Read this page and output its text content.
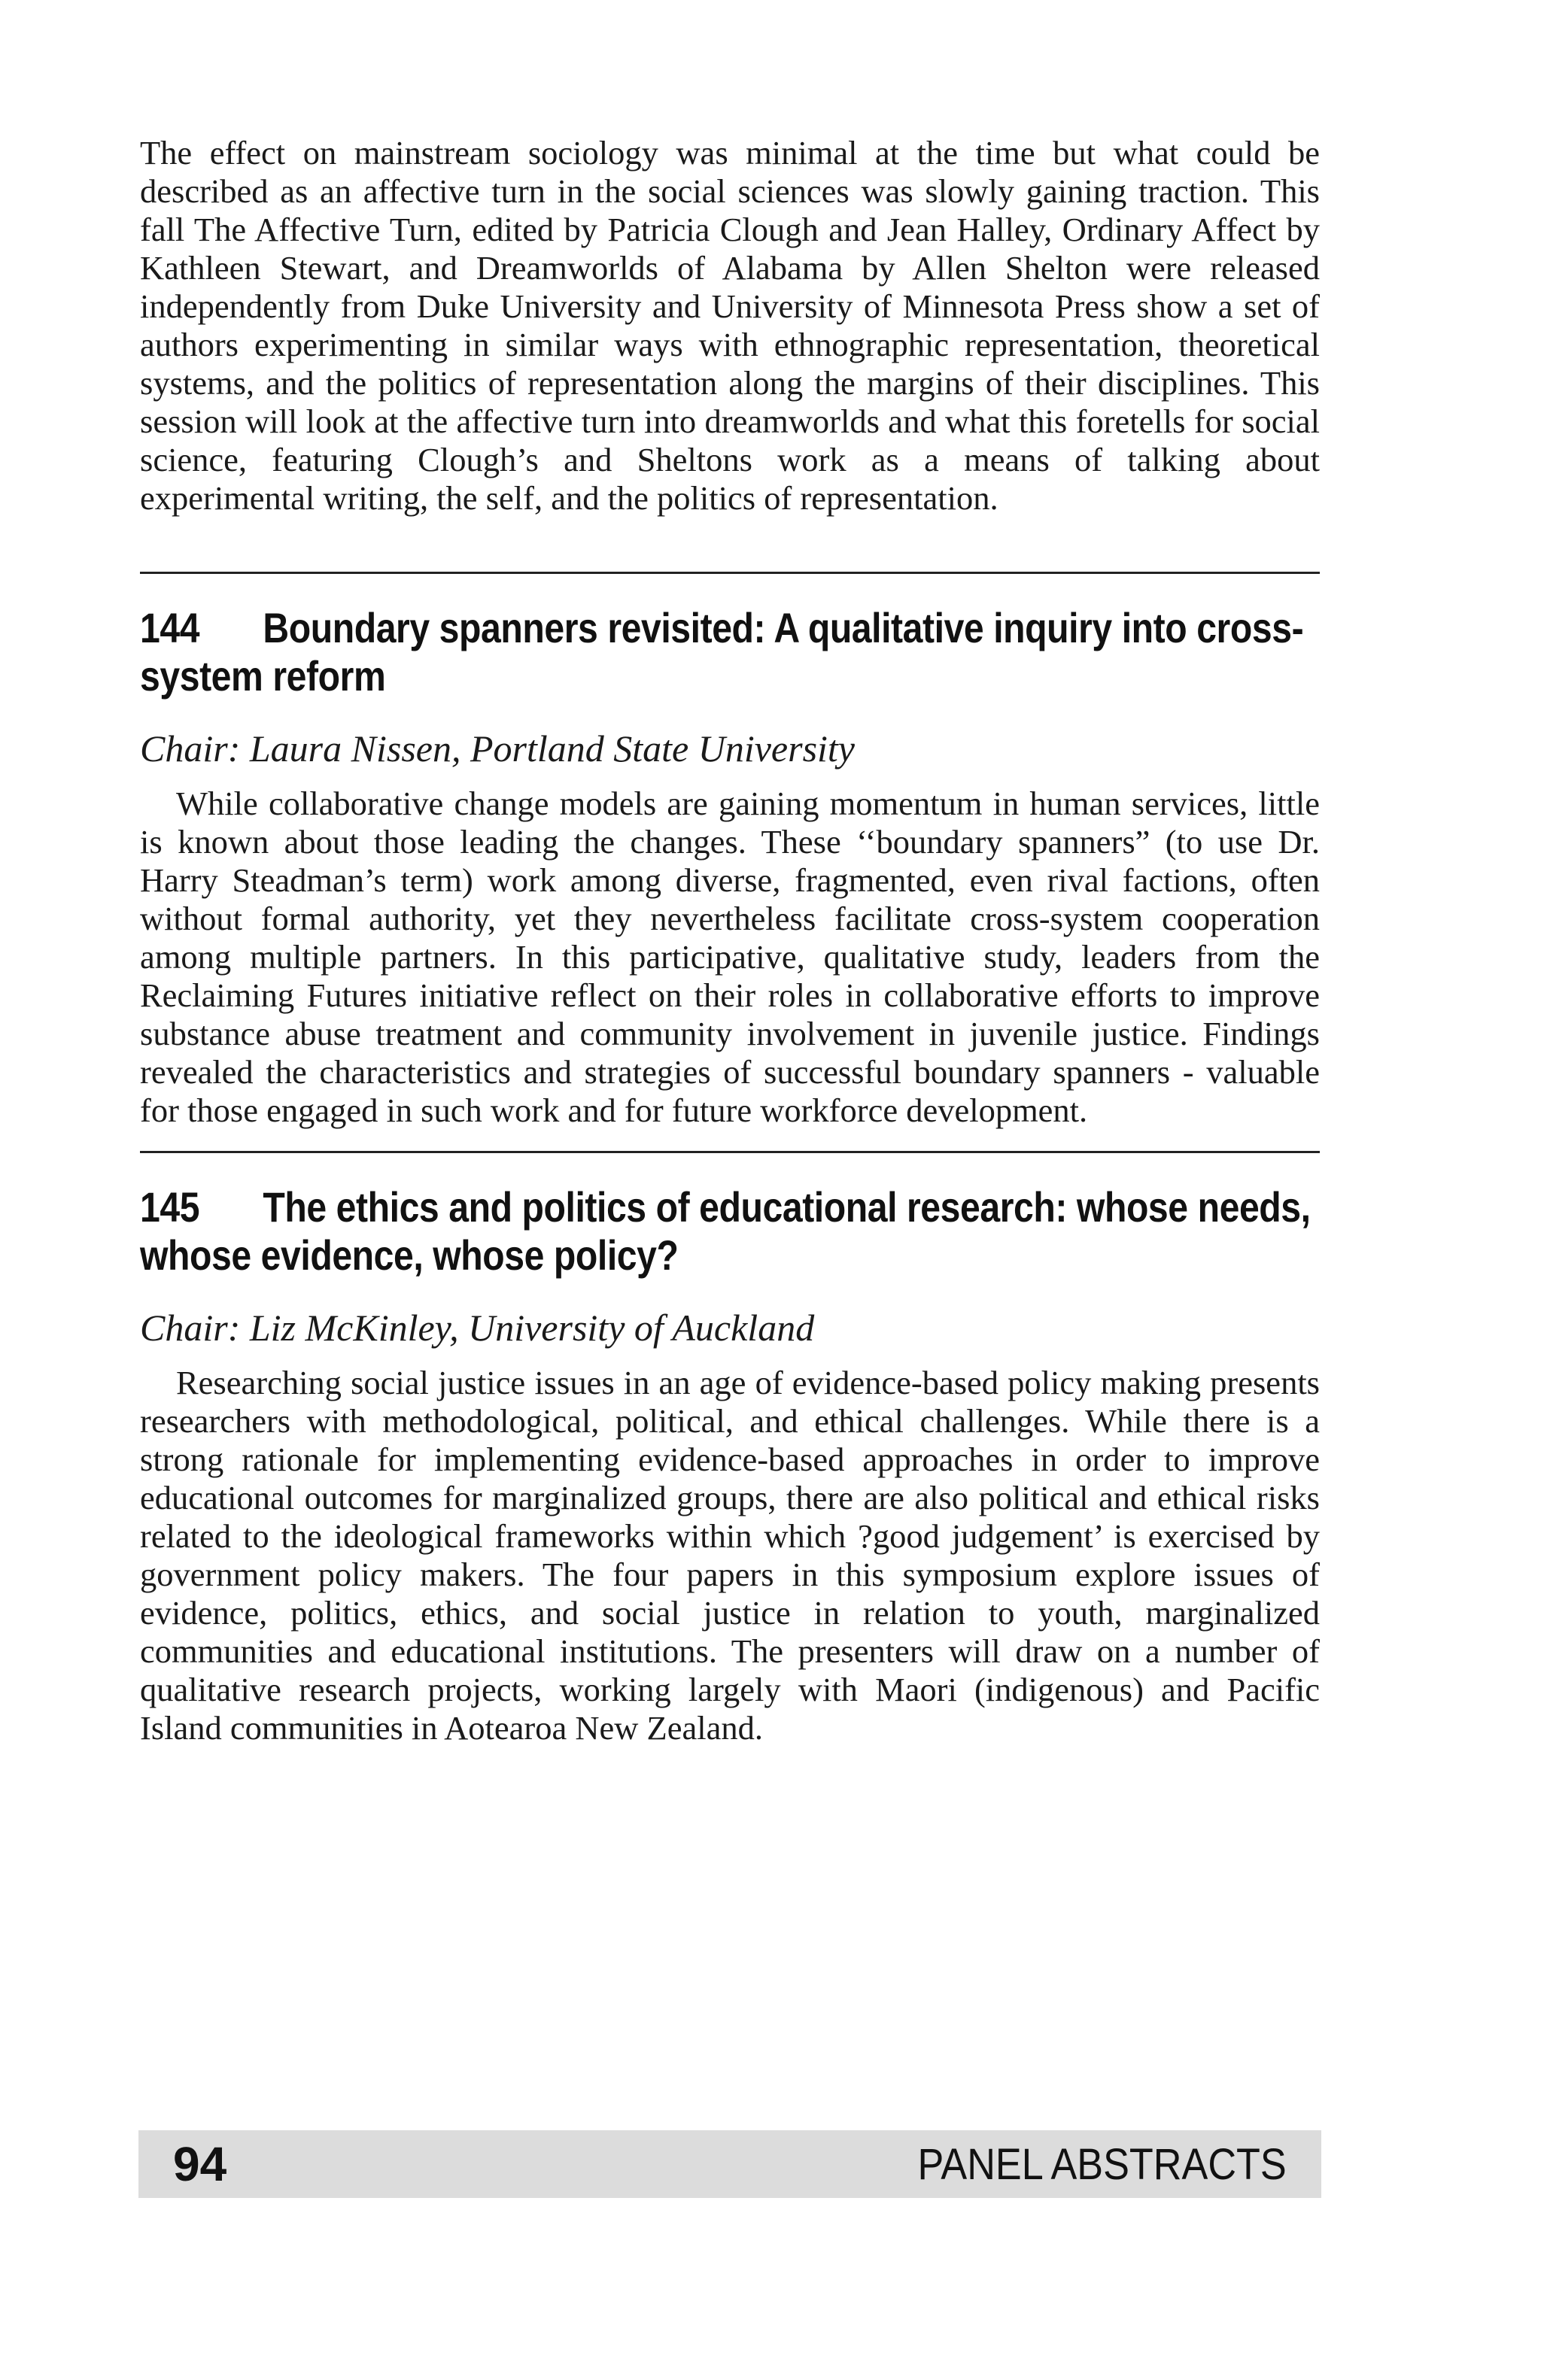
The effect on mainstream sociology was minimal at the time but what could be described as an affective turn in the social sciences was slowly gaining traction. This fall The Affective Turn, edited by Patricia Clough and Jean Halley, Ordinary Affect by Kathleen Stewart, and Dreamworlds of Alabama by Allen Shelton were released independently from Duke University and University of Minnesota Press show a set of authors experimenting in similar ways with ethnographic representation, theoretical systems, and the politics of representation along the margins of their disciplines. This session will look at the affective turn into dreamworlds and what this foretells for social science, featuring Clough’s and Sheltons work as a means of talking about experimental writing, the self, and the politics of representation.

144 Boundary spanners revisited: A qualitative inquiry into cross-system reform

Chair: Laura Nissen, Portland State University

While collaborative change models are gaining momentum in human services, little is known about those leading the changes. These ‘‘boundary spanners” (to use Dr. Harry Steadman’s term) work among diverse, fragmented, even rival factions, often without formal authority, yet they nevertheless facilitate cross-system cooperation among multiple partners. In this participative, qualitative study, leaders from the Reclaiming Futures initiative reflect on their roles in collaborative efforts to improve substance abuse treatment and community involvement in juvenile justice. Findings revealed the characteristics and strategies of successful boundary spanners - valuable for those engaged in such work and for future workforce development.

145 The ethics and politics of educational research: whose needs, whose evidence, whose policy?

Chair: Liz McKinley, University of Auckland

Researching social justice issues in an age of evidence-based policy making presents researchers with methodological, political, and ethical challenges. While there is a strong rationale for implementing evidence-based approaches in order to improve educational outcomes for marginalized groups, there are also political and ethical risks related to the ideological frameworks within which ?good judgement’ is exercised by government policy makers. The four papers in this symposium explore issues of evidence, politics, ethics, and social justice in relation to youth, marginalized communities and educational institutions. The presenters will draw on a number of qualitative research projects, working largely with Maori (indigenous) and Pacific Island communities in Aotearoa New Zealand.

94	PANEL ABSTRACTS
